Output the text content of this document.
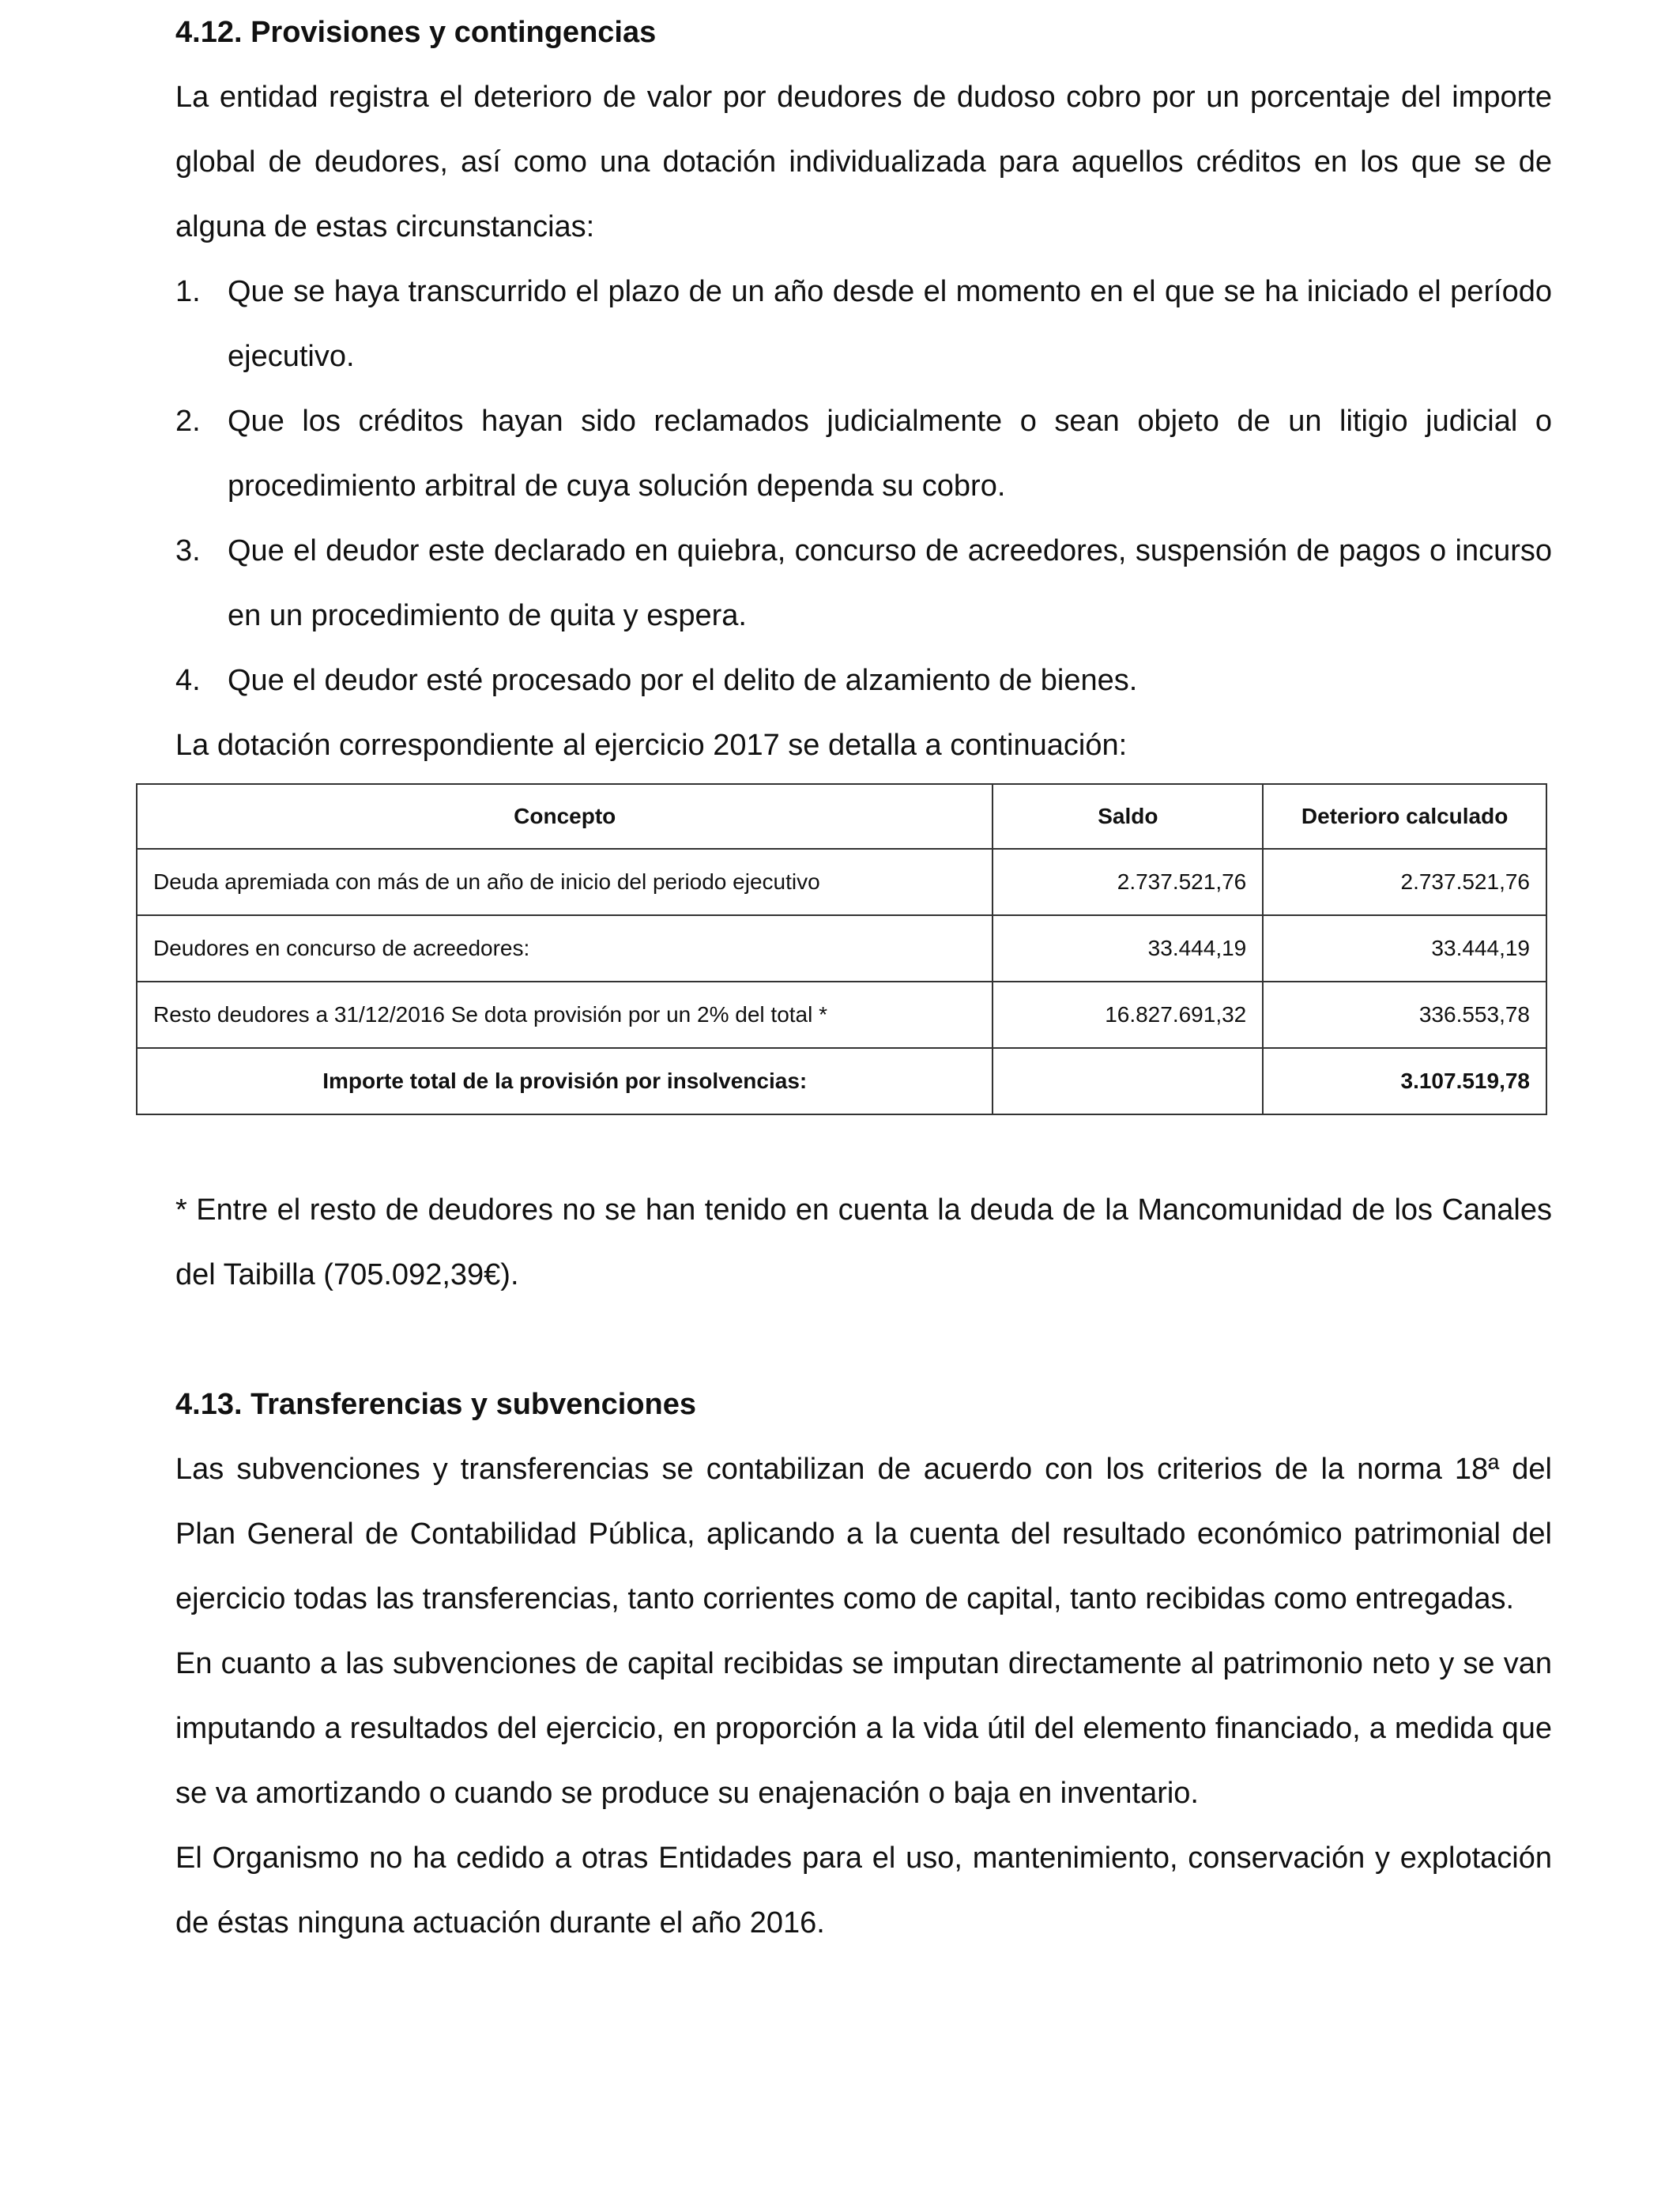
4.12. Provisiones y contingencias

La entidad registra el deterioro de valor por deudores de dudoso cobro por un porcentaje del importe global de deudores, así como una dotación individualizada para aquellos créditos en los que se de alguna de estas circunstancias:

1. Que se haya transcurrido el plazo de un año desde el momento en el que se ha iniciado el período ejecutivo.
2. Que los créditos hayan sido reclamados judicialmente o sean objeto de un litigio judicial o procedimiento arbitral de cuya solución dependa su cobro.
3. Que el deudor este declarado en quiebra, concurso de acreedores, suspensión de pagos o incurso en un procedimiento de quita y espera.
4. Que el deudor esté procesado por el delito de alzamiento de bienes.

La dotación correspondiente al ejercicio 2017 se detalla a continuación:

Concepto	Saldo	Deterioro calculado
Deuda apremiada con más de un año de inicio del periodo ejecutivo	2.737.521,76	2.737.521,76
Deudores en concurso de acreedores:	33.444,19	33.444,19
Resto deudores a 31/12/2016 Se dota provisión por un 2% del total *	16.827.691,32	336.553,78
Importe total de la provisión por insolvencias:		3.107.519,78

* Entre el resto de deudores no se han tenido en cuenta la deuda de la Mancomunidad de los Canales del Taibilla (705.092,39€).

4.13. Transferencias y subvenciones

Las subvenciones y transferencias se contabilizan de acuerdo con los criterios de la norma 18ª del Plan General de Contabilidad Pública, aplicando a la cuenta del resultado económico patrimonial del ejercicio todas las transferencias, tanto corrientes como de capital, tanto recibidas como entregadas.

En cuanto a las subvenciones de capital recibidas se imputan directamente al patrimonio neto y se van imputando a resultados del ejercicio, en proporción a la vida útil del elemento financiado, a medida que se va amortizando o cuando se produce su enajenación o baja en inventario.

El Organismo no ha cedido a otras Entidades para el uso, mantenimiento, conservación y explotación de éstas ninguna actuación durante el año 2016.
